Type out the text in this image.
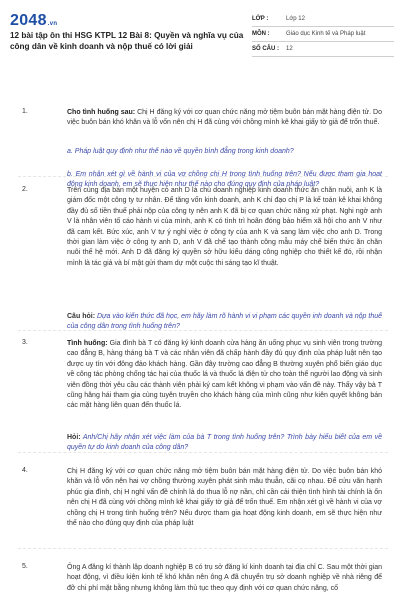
2048.vn
12 bài tập ôn thi HSG KTPL 12 Bài 8: Quyền và nghĩa vụ của công dân về kinh doanh và nộp thuế có lời giải
LỚP :	Lớp 12
MÔN :	Giáo dục Kinh tế và Pháp luật
SỐ CÂU :	12
1.	Cho tình huống sau: Chị H đăng ký với cơ quan chức năng mở tiệm buôn bán mặt hàng điện tử. Do việc buôn bán khó khăn và lỗ vốn nên chị H đã cùng với chồng mình kê khai giấy tờ giả để trốn thuế.
a. Pháp luật quy định như thế nào về quyền bình đẳng trong kinh doanh?
b. Em nhận xét gì về hành vi của vợ chồng chị H trong tình huống trên? Nếu được tham gia hoạt động kinh doanh, em sẽ thực hiện như thế nào cho đúng quy định của pháp luật?
2.	Trên cùng địa bàn một huyện có anh D là chủ doanh nghiệp kinh doanh thức ăn chăn nuôi, anh K là giám đốc một công ty tư nhân. Để tăng vốn kinh doanh, anh K chỉ đạo chị P là kế toán kê khai không đầy đủ số tiền thuế phải nộp của công ty nên anh K đã bị cơ quan chức năng xử phạt. Nghi ngờ anh V là nhân viên tố cáo hành vi của mình, anh K có tình trì hoãn đóng bảo hiểm xã hội cho anh V như đã cam kết. Bức xúc, anh V tự ý nghỉ việc ở công ty của anh K và sang làm việc cho anh D. Trong thời gian làm việc ở công ty anh D, anh V đã chế tạo thành công mẫu máy chế biến thức ăn chăn nuôi thế hệ mới. Anh D đã đăng ký quyền sở hữu kiểu dáng công nghiệp cho thiết kế đó, rồi nhận mình là tác giả và bí mật gửi tham dự một cuộc thi sáng tạo kĩ thuật.
Câu hỏi: Dựa vào kiến thức đã học, em hãy làm rõ hành vi vi phạm các quyền inh doanh và nộp thuế của công dân trong tình huống trên?
3.	Tình huống: Gia đình bà T có đăng ký kinh doanh cửa hàng ăn uống phục vụ sinh viên trong trường cao đẳng B, hàng tháng bà T và các nhân viên đã chấp hành đầy đủ quy định của pháp luật nên tạo được uy tín với đông đảo khách hàng. Gần đây trường cao đẳng B thường xuyên phổ biến giáo dục về công tác phòng chống tác hại của thuốc lá và thuốc lá điện tử cho toàn thể người lao động và sinh viên đồng thời yêu cầu các thành viên phải ký cam kết không vi phạm vào vấn đề này. Thấy vậy bà T cũng hăng hái tham gia cùng tuyên truyền cho khách hàng của mình cũng như kiên quyết không bán các mặt hàng liên quan đến thuốc lá.
Hỏi: Anh/Chị hãy nhận xét việc làm của bà T trong tình huống trên? Trình bày hiểu biết của em về quyền tự do kinh doanh của công dân?
4.	Chị H đăng ký với cơ quan chức năng mở tiệm buôn bán mặt hàng điện tử. Do việc buôn bán khó khăn và lỗ vốn nên hai vợ chồng thường xuyên phát sinh mâu thuẫn, cãi cọ nhau. Để cứu vãn hạnh phúc gia đình, chị H nghỉ vấn đề chính là do thua lỗ nợ nần, chỉ cần cải thiện tình hình tài chính là ổn nên chị H đã cùng với chồng mình kê khai giấy tờ giả để trốn thuế. Em nhận xét gì về hành vi của vợ chồng chị H trong tình huống trên? Nếu được tham gia hoạt động kinh doanh, em sẽ thực hiện như thế nào cho đúng quy định của pháp luật
5.	Ông A đăng kí thành lập doanh nghiệp B có trụ sở đăng kí kinh doanh tại địa chỉ C. Sau một thời gian hoạt động, vì điều kiện kinh tế khó khăn nên ông A đã chuyển trụ sở doanh nghiệp về nhà riêng để đỡ chi phí mặt bằng nhưng không làm thủ tục theo quy định với cơ quan chức năng, cố
